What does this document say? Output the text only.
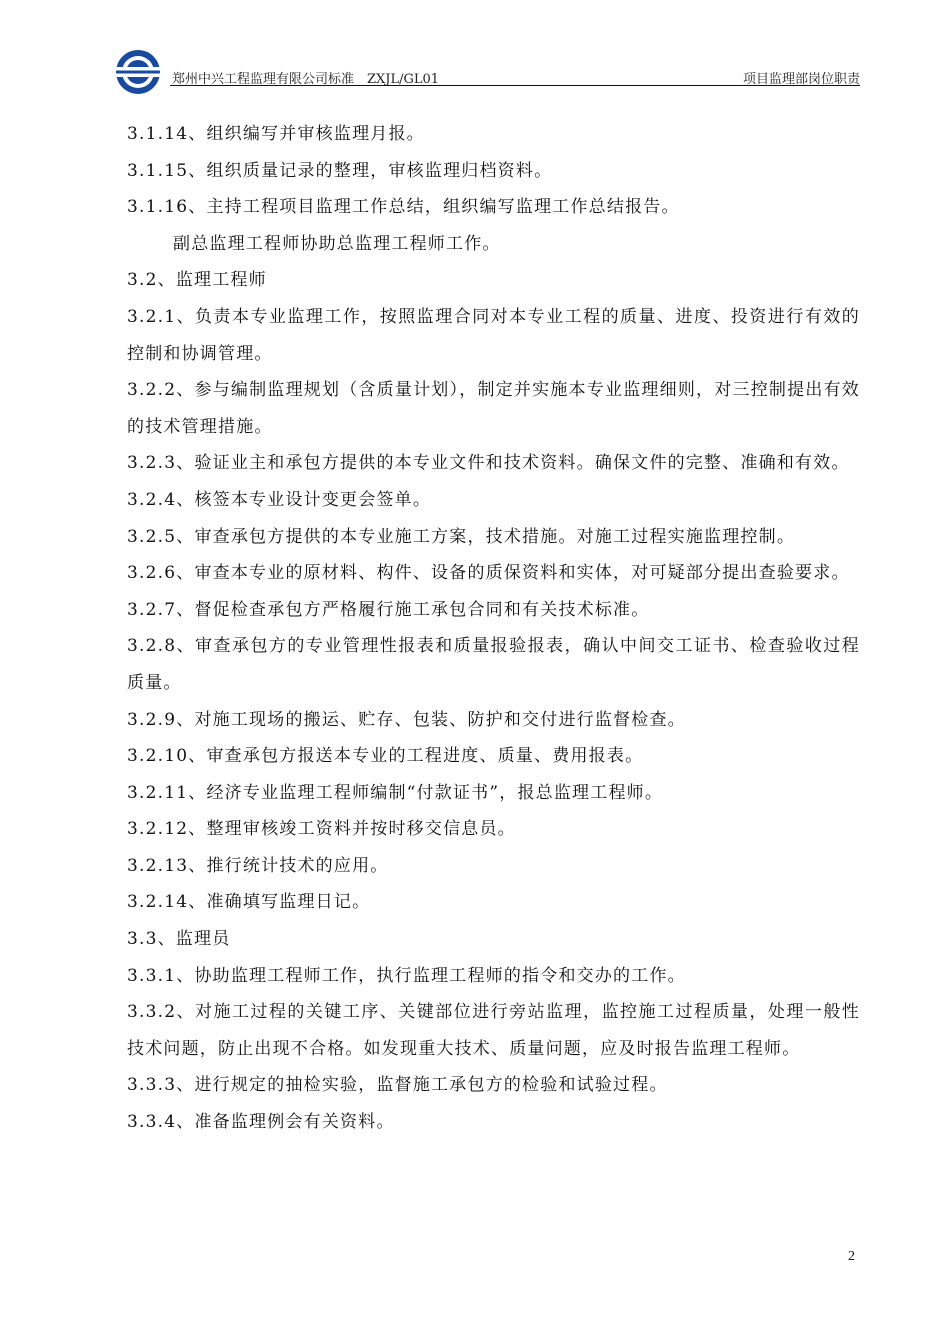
郑州中兴工程监理有限公司标准　ZXJL/GL01	项目监理部岗位职责

3.1.14、组织编写并审核监理月报。

3.1.15、组织质量记录的整理，审核监理归档资料。

3.1.16、主持工程项目监理工作总结，组织编写监理工作总结报告。

副总监理工程师协助总监理工程师工作。

3.2、监理工程师

3.2.1、负责本专业监理工作，按照监理合同对本专业工程的质量、进度、投资进行有效的控制和协调管理。

3.2.2、参与编制监理规划（含质量计划），制定并实施本专业监理细则，对三控制提出有效的技术管理措施。

3.2.3、验证业主和承包方提供的本专业文件和技术资料。确保文件的完整、准确和有效。

3.2.4、核签本专业设计变更会签单。

3.2.5、审查承包方提供的本专业施工方案，技术措施。对施工过程实施监理控制。

3.2.6、审查本专业的原材料、构件、设备的质保资料和实体，对可疑部分提出查验要求。

3.2.7、督促检查承包方严格履行施工承包合同和有关技术标准。

3.2.8、审查承包方的专业管理性报表和质量报验报表，确认中间交工证书、检查验收过程质量。

3.2.9、对施工现场的搬运、贮存、包装、防护和交付进行监督检查。

3.2.10、审查承包方报送本专业的工程进度、质量、费用报表。

3.2.11、经济专业监理工程师编制“付款证书”，报总监理工程师。

3.2.12、整理审核竣工资料并按时移交信息员。

3.2.13、推行统计技术的应用。

3.2.14、准确填写监理日记。

3.3、监理员

3.3.1、协助监理工程师工作，执行监理工程师的指令和交办的工作。

3.3.2、对施工过程的关键工序、关键部位进行旁站监理，监控施工过程质量，处理一般性技术问题，防止出现不合格。如发现重大技术、质量问题，应及时报告监理工程师。

3.3.3、进行规定的抽检实验，监督施工承包方的检验和试验过程。

3.3.4、准备监理例会有关资料。

2
